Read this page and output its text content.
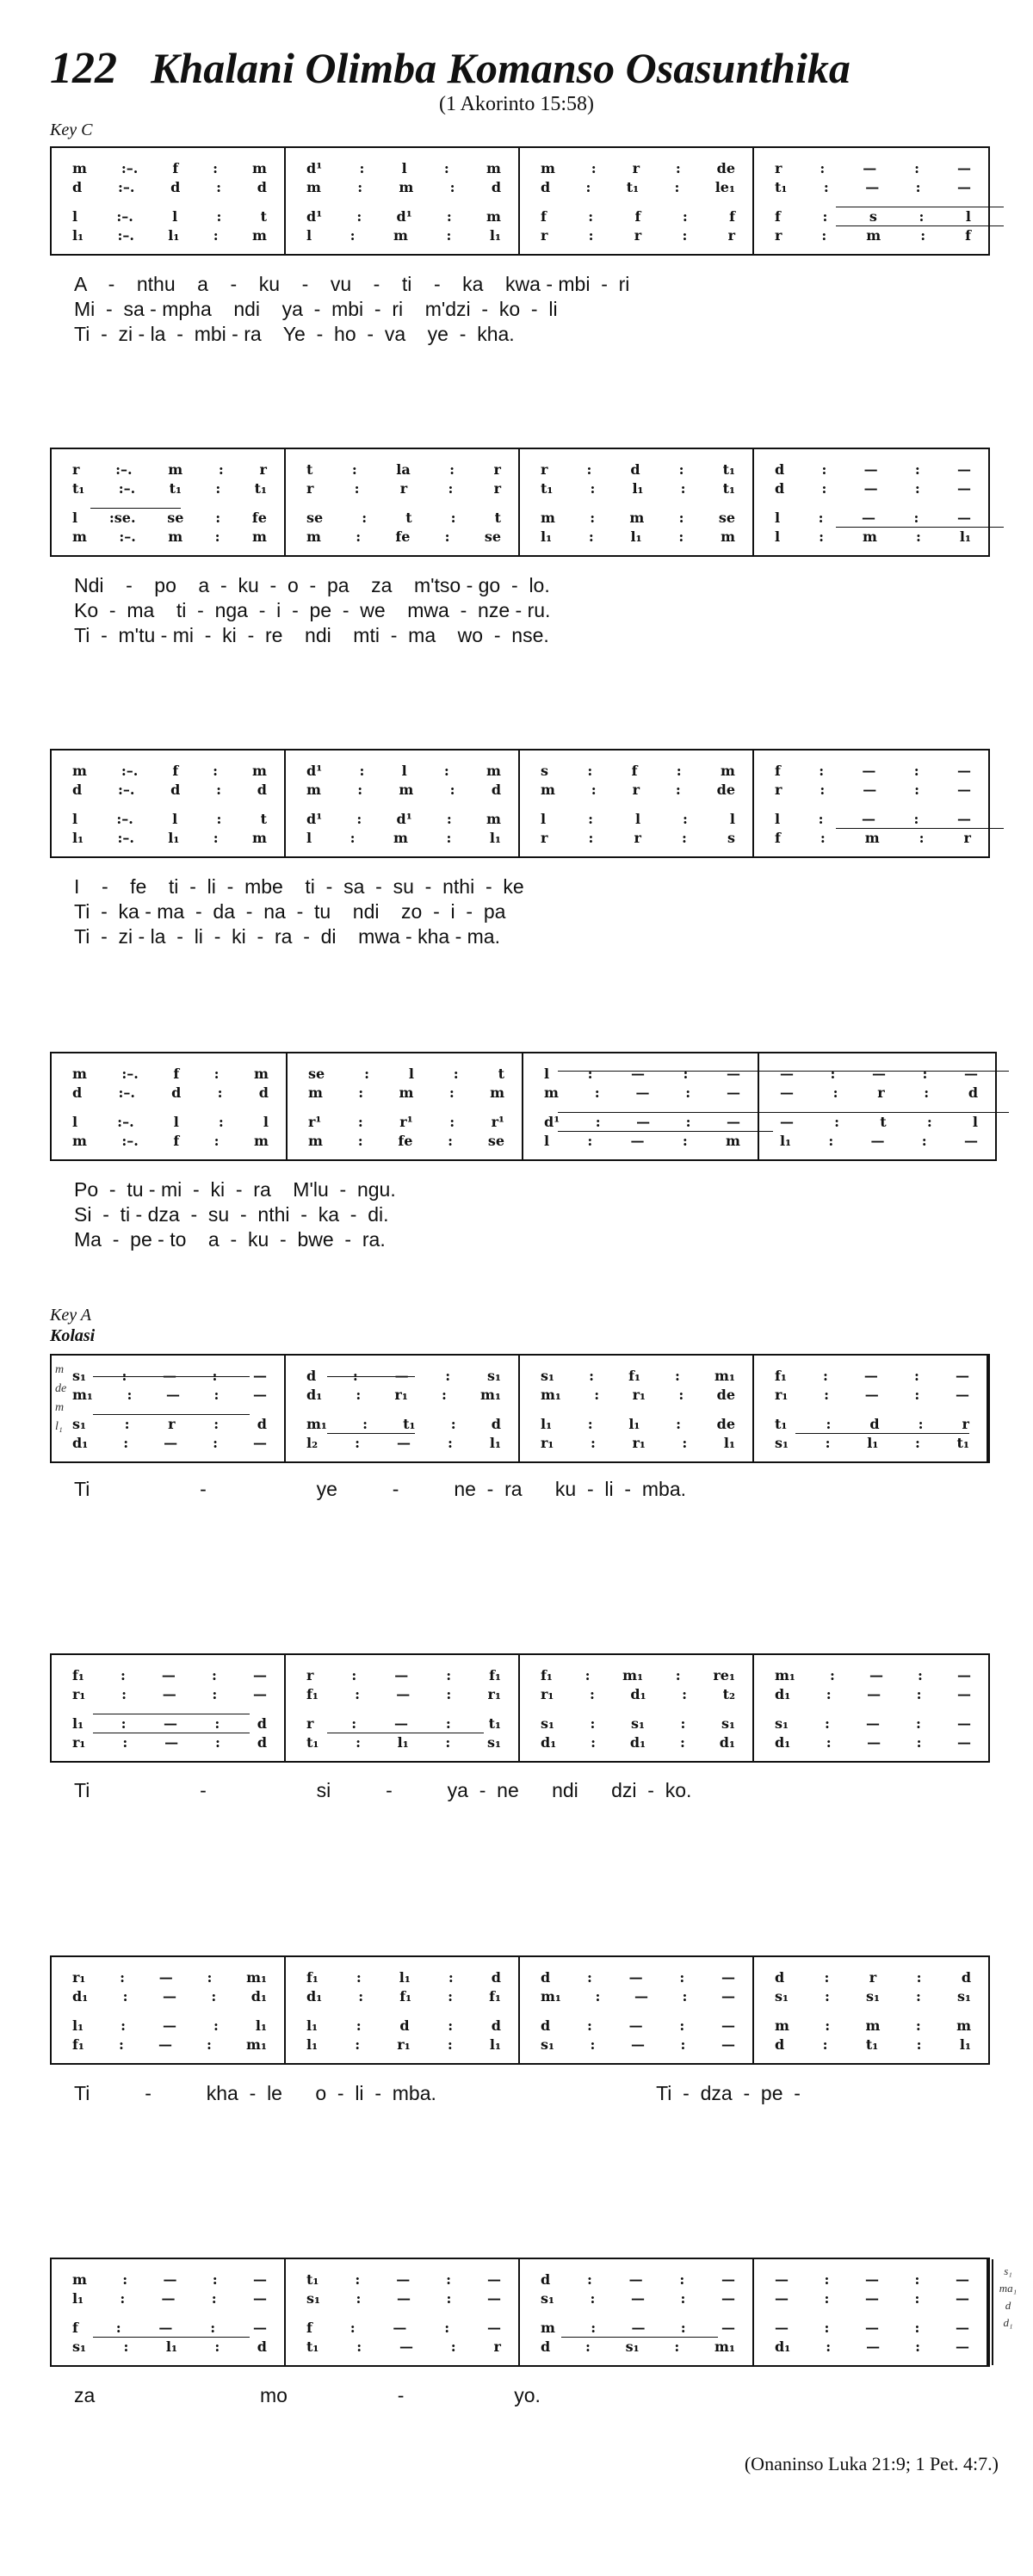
122 Khalani Olimba Komanso Osasunthika
(1 Akorinto 15:58)
Key C
Key A
Kolasi
m :–. f : m
d	:–.	d	:	d
l	:–.	l	:	t
l₁ :–. l₁ : m
d¹	:	l	:	m
m	:	m	:	d
d¹	:	d¹	:	m
l	:	m	:	l₁
m	:	r	:	de
d	:	t₁	:	le₁
f	:	f	:	f
r	:	r	:	r
r	:	—	:	—
t₁	:	—	:	—
f	:	s	:	l
r	:	m	:	f
A    -    nthu    a    -    ku    -    vu    -    ti    -    ka    kwa - mbi  -  ri
Mi  -  sa - mpha    ndi    ya  -  mbi  -  ri    m'dzi  -  ko  -  li
Ti  -  zi - la  -  mbi - ra    Ye  -  ho  -  va    ye  -  kha.
r	:–.	m	:	r
t₁ :–. t₁ : t₁
l :se. se : fe
m :–. m : m
t	:	la	:	r
r	:	r	:	r
se	:	t	:	t
m	:	fe	:	se
r	:	d	:	t₁
t₁	:	l₁	:	t₁
m	:	m	:	se
l₁	:	l₁	:	m
d	:	—	:	—
d	:	—	:	—
l	:	—	:	—
l	:	m	:	l₁
Ndi    -    po    a  -  ku  -  o  -  pa    za    m'tso - go  -  lo.
Ko  -  ma    ti  -  nga  -  i  -  pe  -  we    mwa  -  nze - ru.
Ti  -  m'tu - mi  -  ki  -  re    ndi    mti  -  ma    wo  -  nse.
m :–. f : m
d	:–.	d	:	d
l	:–.	l	:	t
l₁ :–. l₁ : m
d¹	:	l	:	m
m	:	m	:	d
d¹	:	d¹	:	m
l	:	m	:	l₁
s	:	f	:	m
m	:	r	:	de
l	:	l	:	l
r	:	r	:	s
f	:	—	:	—
r	:	—	:	—
l	:	—	:	—
f	:	m	:	r
I    -    fe    ti  -  li  -  mbe    ti  -  sa  -  su  -  nthi  -  ke
Ti  -  ka - ma  -  da  -  na  -  tu    ndi    zo  -  i  -  pa
Ti  -  zi - la  -  li  -  ki  -  ra  -  di    mwa - kha - ma.
m	:–.	f	:	m
d	:–.	d	:	d
l	:–.	l	:	l
m	:–.	f	:	m
se	:	l	:	t
m	:	m	:	m
r¹	:	r¹	:	r¹
m	:	fe	:	se
l	:	—	:	—
m	:	—	:	—
d¹	:	—	:	—
l	:	—	:	m
—	:	—	:	—
—	:	r	:	d
—	:	t	:	l
l₁	:	—	:	—
Po  -  tu - mi  -  ki  -  ra    M'lu  -  ngu.
Si  -  ti - dza  -  su  -  nthi  -  ka  -  di.
Ma  -  pe - to    a  -  ku  -  bwe  -  ra.
s₁	:	—	:	—
m₁ : — : —
s₁	:	r	:	d
d₁	:	—	:	—
d	:	—	:	s₁
d₁ : r₁ : m₁
m₁	:	t₁	:	d
l₂	:	—	:	l₁
s₁	:	f₁	:	m₁
m₁ : r₁ : de
l₁	:	l₁	:	de
r₁	:	r₁	:	l₁
f₁	:	—	:	—
r₁	:	—	:	—
t₁	:	d	:	r
s₁	:	l₁	:	t₁
m
de
m
l₁
Ti                    -                    ye          -          ne  -  ra      ku  -  li  -  mba.
f₁	:	—	:	—
r₁	:	—	:	—
l₁	:	—	:	d
r₁	:	—	:	d
r	:	—	:	f₁
f₁	:	—	:	r₁
r	:	—	:	t₁
t₁	:	l₁	:	s₁
f₁ : m₁ : re₁
r₁	:	d₁	:	t₂
s₁	:	s₁	:	s₁
d₁ : d₁ : d₁
m₁	:	—	:	—
d₁	:	—	:	—
s₁	:	—	:	—
d₁	:	—	:	—
Ti                    -                    si          -          ya  -  ne      ndi      dzi  -  ko.
r₁ : — : m₁
d₁	:	—	:	d₁
l₁	:	—	:	l₁
f₁	:	—	:	m₁
f₁	:	l₁	:	d
d₁	:	f₁	:	f₁
l₁	:	d	:	d
l₁	:	r₁	:	l₁
d	:	—	:	—
m₁ : — : —
d	:	—	:	—
s₁	:	—	:	—
d	:	r	:	d
s₁	:	s₁	:	s₁
m	:	m	:	m
d	:	t₁	:	l₁
Ti          -          kha  -  le      o  -  li  -  mba.                                        Ti  -  dza  -  pe  -
m	:	—	:	—
l₁	:	—	:	—
f	:	—	:	—
s₁	:	l₁	:	d
t₁	:	—	:	—
s₁	:	—	:	—
f	:	—	:	—
t₁	:	—	:	r
d	:	—	:	—
s₁	:	—	:	—
m	:	—	:	—
d	:	s₁	:	m₁
—	:	—	:	—
—	:	—	:	—
—	:	—	:	—
d₁	:	—	:	—
s₁
ma₁
d
d₁
za                              mo                    -                    yo.
(Onaninso Luka 21:9; 1 Pet. 4:7.)
